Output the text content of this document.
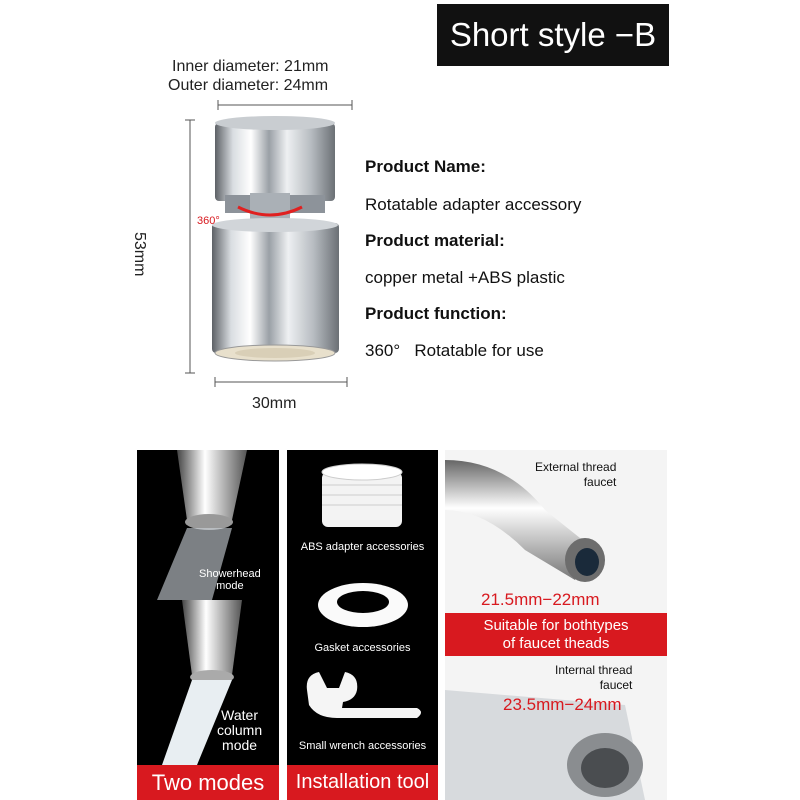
Short style −B
Inner diameter: 21mm
Outer diameter: 24mm
360°
53mm
30mm
Product Name:
Rotatable adapter accessory
Product material:
copper metal +ABS plastic
Product function:
360°   Rotatable for use
Showerhead
mode
Water
column
mode
Two modes
ABS adapter accessories
Gasket accessories
Small wrench accessories
Installation tool
External thread
faucet
21.5mm−22mm
Suitable for bothtypes
of faucet theads
Internal thread
faucet
23.5mm−24mm
